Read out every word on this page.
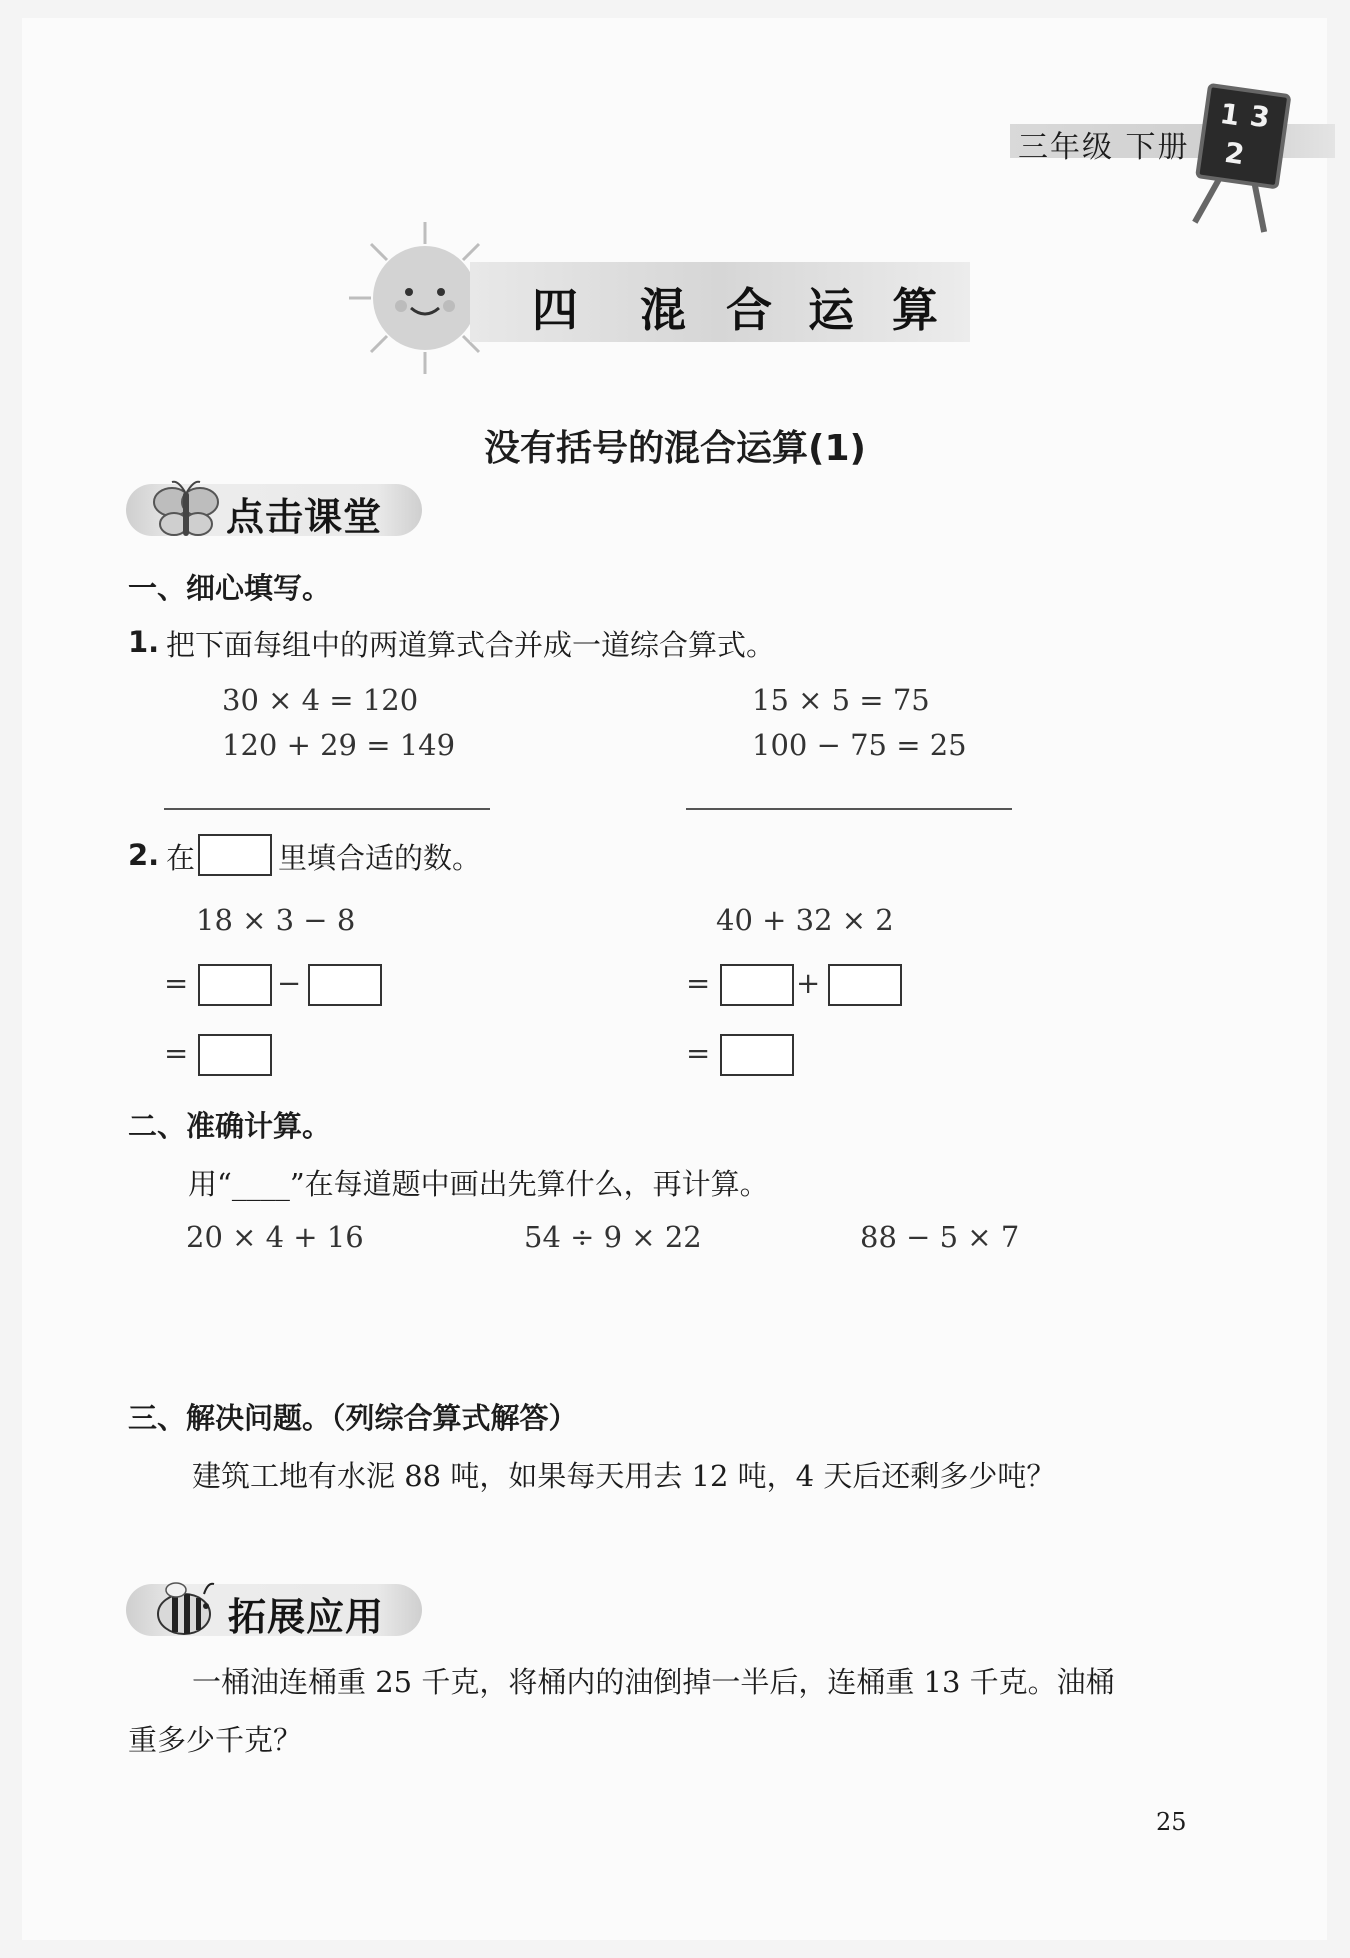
三年级 下册
1 3
2
四 混 合 运 算
没有括号的混合运算(1)
点击课堂
一、细心填写。
1. 把下面每组中的两道算式合并成一道综合算式。
30 × 4 = 120
120 + 29 = 149
15 × 5 = 75
100 − 75 = 25
2. 在	里填合适的数。
18 × 3 − 8	40 + 32 × 2
=	−
=
=	+
=
二、准确计算。
用“____”在每道题中画出先算什么，再计算。
20 × 4 + 16	54 ÷ 9 × 22	88 − 5 × 7
三、解决问题。（列综合算式解答）
建筑工地有水泥 88 吨，如果每天用去 12 吨，4 天后还剩多少吨？
拓展应用
一桶油连桶重 25 千克，将桶内的油倒掉一半后，连桶重 13 千克。油桶
重多少千克？
25
